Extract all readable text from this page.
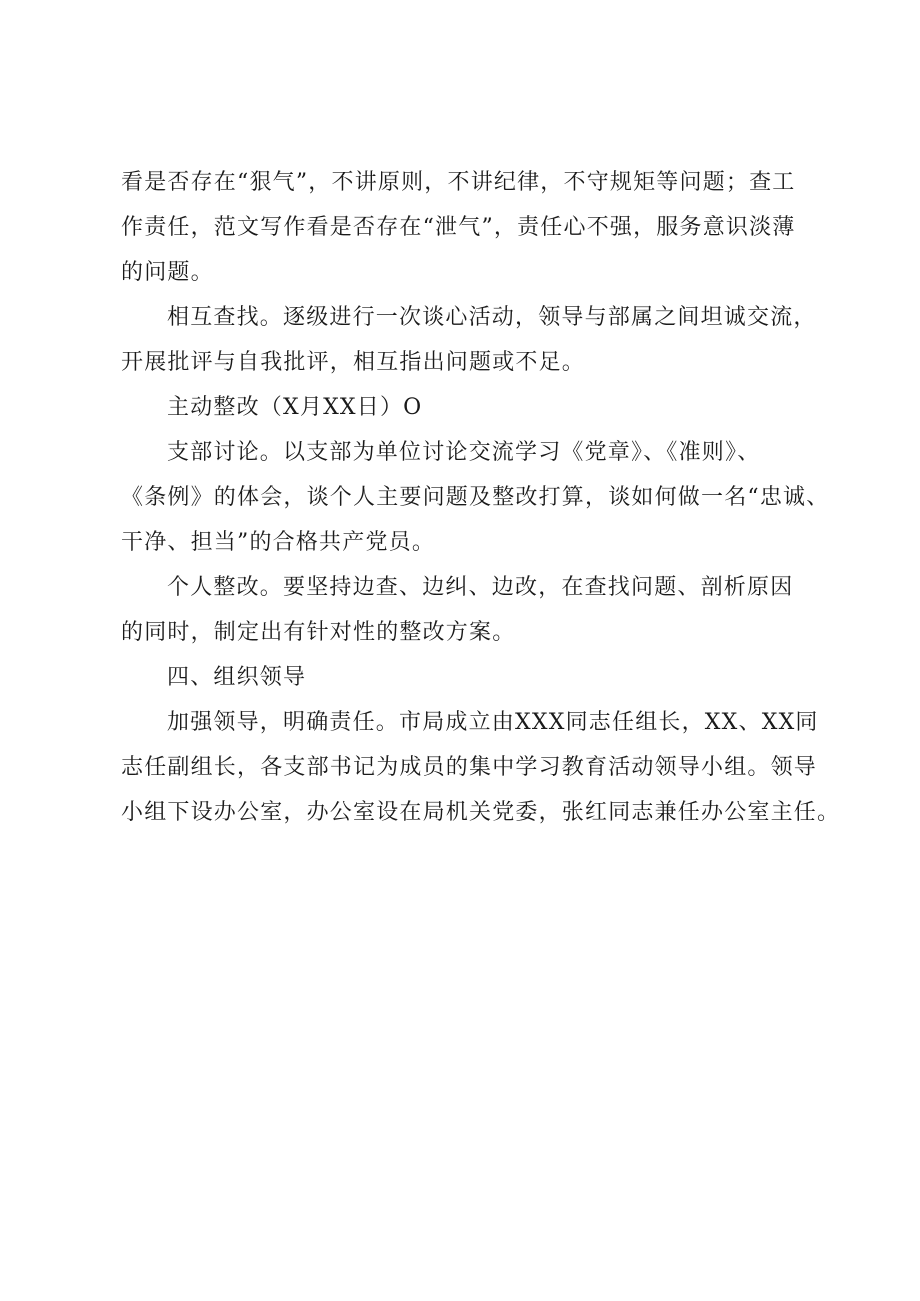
看是否存在“狠气”，不讲原则，不讲纪律，不守规矩等问题；查工
作责任，范文写作看是否存在“泄气”，责任心不强，服务意识淡薄
的问题。
相互查找。逐级进行一次谈心活动，领导与部属之间坦诚交流，
开展批评与自我批评，相互指出问题或不足。
主动整改（X月XX日）O
支部讨论。以支部为单位讨论交流学习《党章》、《准则》、
《条例》的体会，谈个人主要问题及整改打算，谈如何做一名“忠诚、
干净、担当”的合格共产党员。
个人整改。要坚持边查、边纠、边改，在查找问题、剖析原因
的同时，制定出有针对性的整改方案。
四、组织领导
加强领导，明确责任。市局成立由XXX同志任组长，XX、XX同
志任副组长，各支部书记为成员的集中学习教育活动领导小组。领导
小组下设办公室，办公室设在局机关党委，张红同志兼任办公室主任。
